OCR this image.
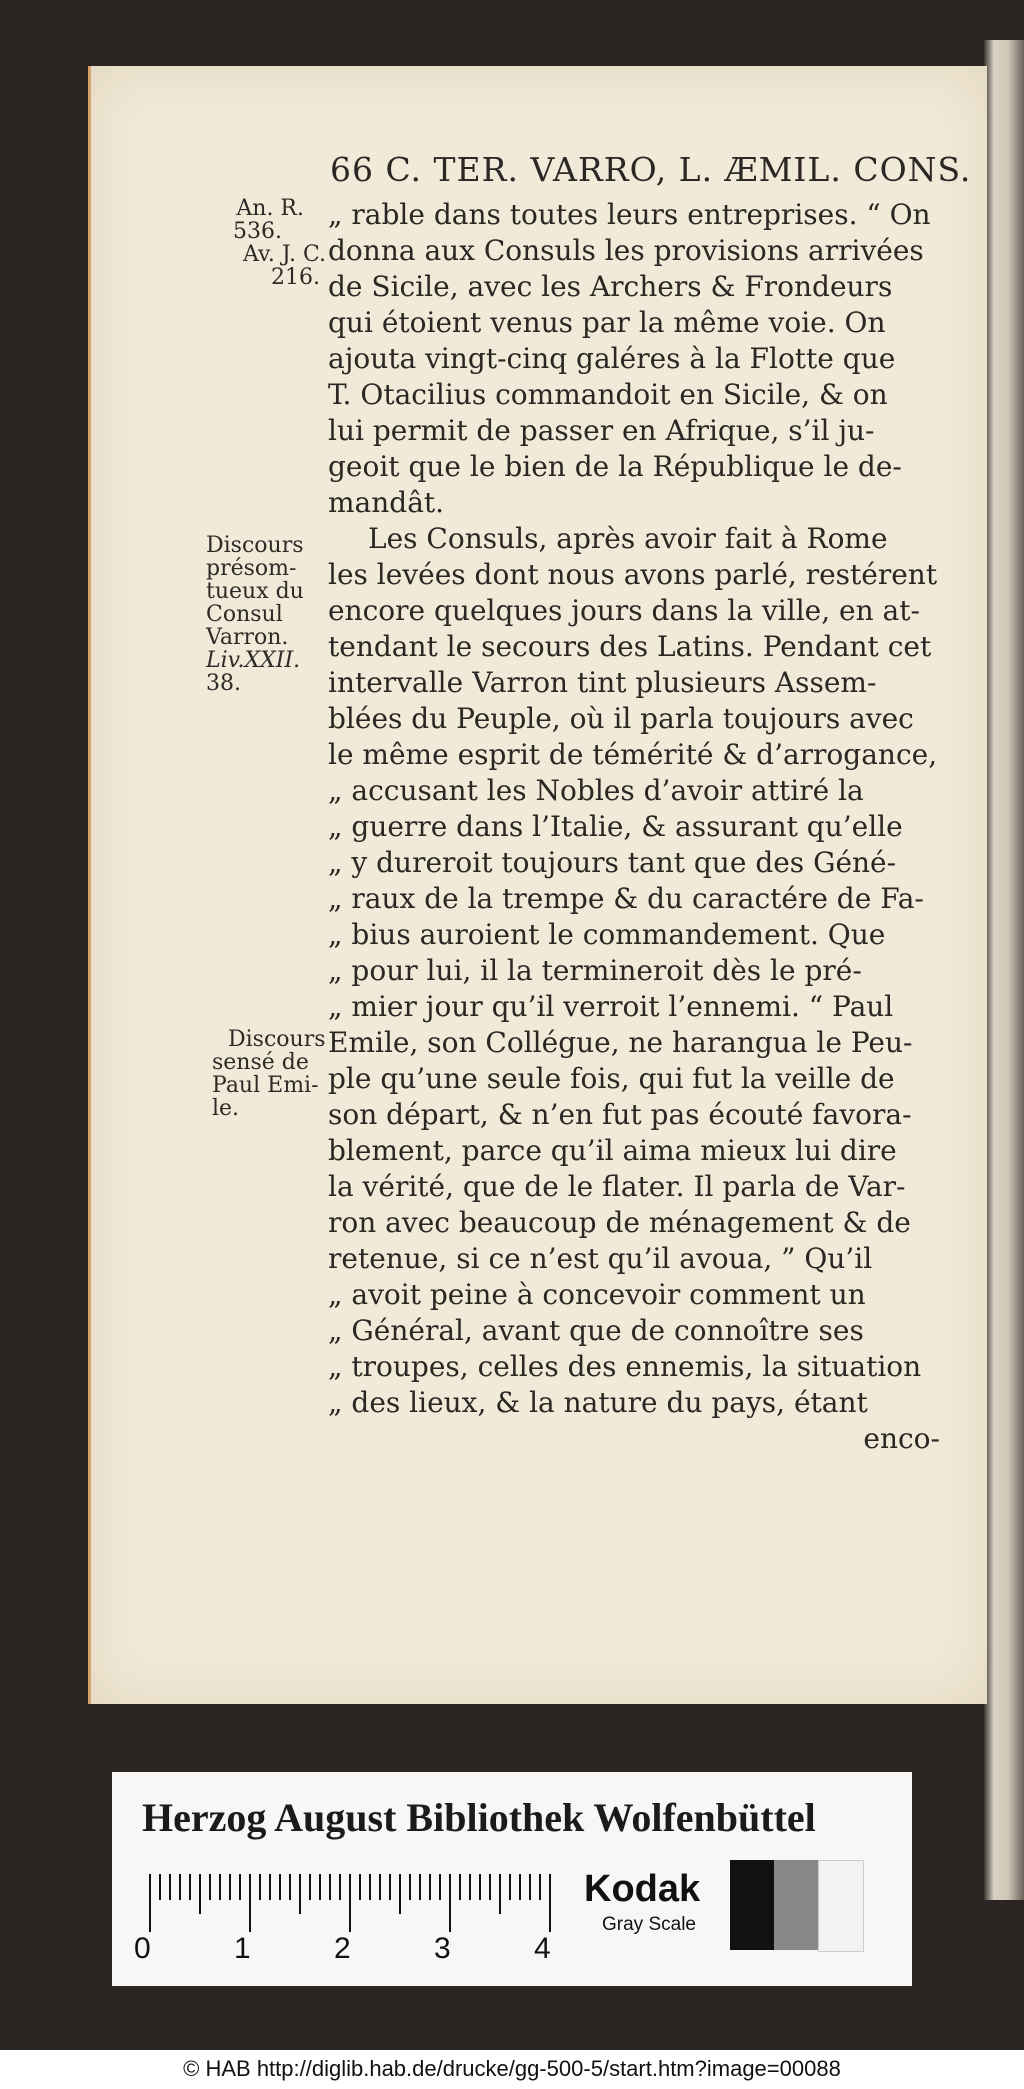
66 C. TER. VARRO, L. ÆMIL. CONS.
An. R.
536.
Av. J. C.
216.
Discours
présom-
tueux du
Consul
Varron.
Liv.XXII.
38.
Discours
sensé de
Paul Emi-
le.
„ rable dans toutes leurs entreprises. “ On
donna aux Consuls les provisions arrivées
de Sicile, avec les Archers & Frondeurs
qui étoient venus par la même voie. On
ajouta vingt-cinq galéres à la Flotte que
T. Otacilius commandoit en Sicile, & on
lui permit de passer en Afrique, s’il ju-
geoit que le bien de la République le de-
mandât.
Les Consuls, après avoir fait à Rome
les levées dont nous avons parlé, restérent
encore quelques jours dans la ville, en at-
tendant le secours des Latins. Pendant cet
intervalle Varron tint plusieurs Assem-
blées du Peuple, où il parla toujours avec
le même esprit de témérité & d’arrogance,
„ accusant les Nobles d’avoir attiré la
„ guerre dans l’Italie, & assurant qu’elle
„ y dureroit toujours tant que des Géné-
„ raux de la trempe & du caractére de Fa-
„ bius auroient le commandement. Que
„ pour lui, il la termineroit dès le pré-
„ mier jour qu’il verroit l’ennemi. “ Paul
Emile, son Collégue, ne harangua le Peu-
ple qu’une seule fois, qui fut la veille de
son départ, & n’en fut pas écouté favora-
blement, parce qu’il aima mieux lui dire
la vérité, que de le flater. Il parla de Var-
ron avec beaucoup de ménagement & de
retenue, si ce n’est qu’il avoua, ” Qu’il
„ avoit peine à concevoir comment un
„ Général, avant que de connoître ses
„ troupes, celles des ennemis, la situation
„ des lieux, & la nature du pays, étant
enco-
Herzog August Bibliothek Wolfenbüttel
0	1	2	3	4
Kodak
Gray Scale
© HAB http://diglib.hab.de/drucke/gg-500-5/start.htm?image=00088
